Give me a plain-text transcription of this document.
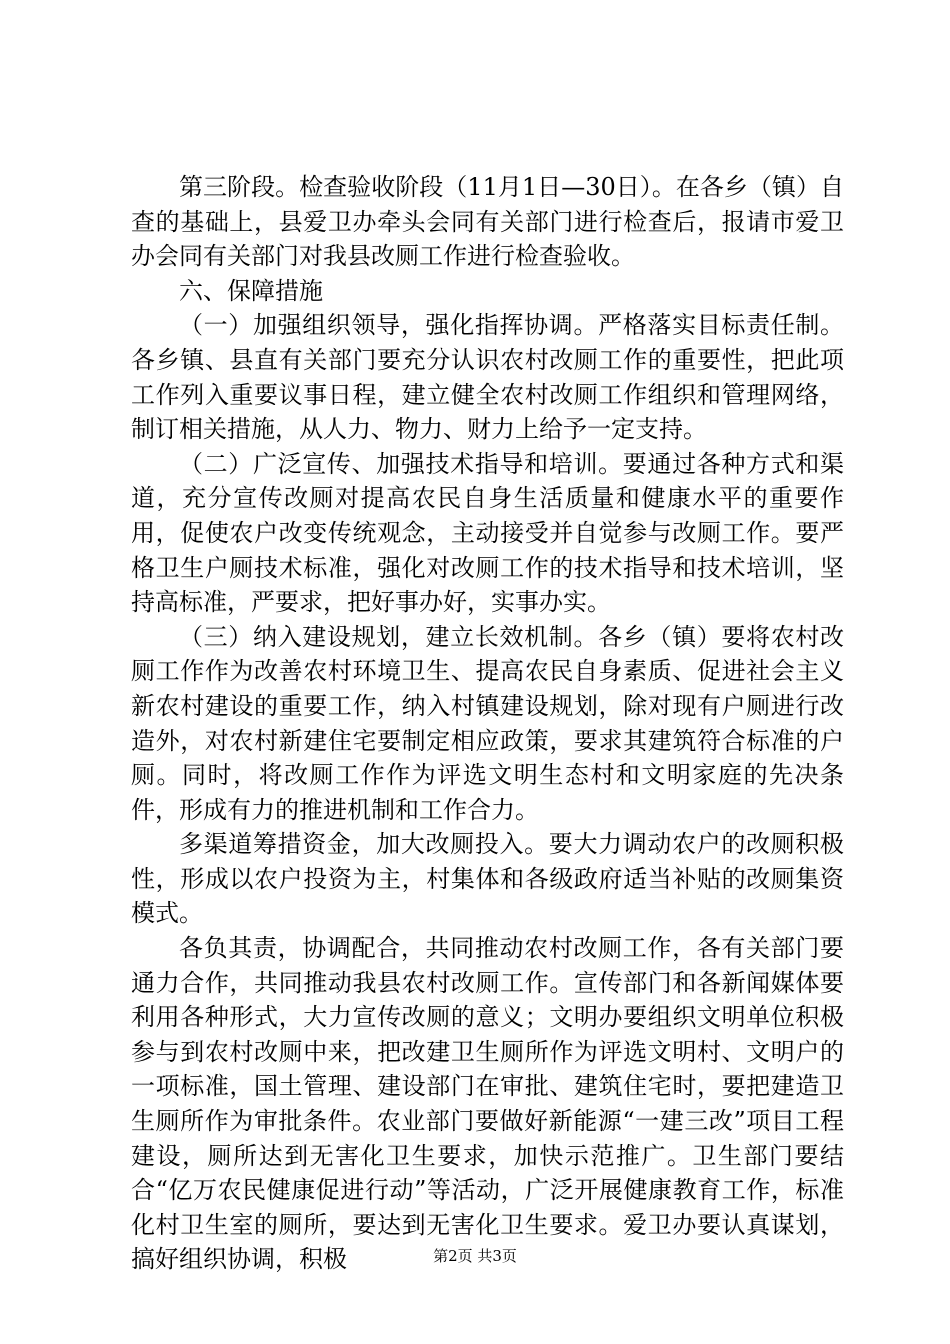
第三阶段。检查验收阶段（11月1日—30日）。在各乡（镇）自查的基础上，县爱卫办牵头会同有关部门进行检查后，报请市爱卫办会同有关部门对我县改厕工作进行检查验收。

六、保障措施

（一）加强组织领导，强化指挥协调。严格落实目标责任制。各乡镇、县直有关部门要充分认识农村改厕工作的重要性，把此项工作列入重要议事日程，建立健全农村改厕工作组织和管理网络，制订相关措施，从人力、物力、财力上给予一定支持。

（二）广泛宣传、加强技术指导和培训。要通过各种方式和渠道，充分宣传改厕对提高农民自身生活质量和健康水平的重要作用，促使农户改变传统观念，主动接受并自觉参与改厕工作。要严格卫生户厕技术标准，强化对改厕工作的技术指导和技术培训，坚持高标准，严要求，把好事办好，实事办实。

（三）纳入建设规划，建立长效机制。各乡（镇）要将农村改厕工作作为改善农村环境卫生、提高农民自身素质、促进社会主义新农村建设的重要工作，纳入村镇建设规划，除对现有户厕进行改造外，对农村新建住宅要制定相应政策，要求其建筑符合标准的户厕。同时，将改厕工作作为评选文明生态村和文明家庭的先决条件，形成有力的推进机制和工作合力。

多渠道筹措资金，加大改厕投入。要大力调动农户的改厕积极性，形成以农户投资为主，村集体和各级政府适当补贴的改厕集资模式。

各负其责，协调配合，共同推动农村改厕工作，各有关部门要通力合作，共同推动我县农村改厕工作。宣传部门和各新闻媒体要利用各种形式，大力宣传改厕的意义；文明办要组织文明单位积极参与到农村改厕中来，把改建卫生厕所作为评选文明村、文明户的一项标准，国土管理、建设部门在审批、建筑住宅时，要把建造卫生厕所作为审批条件。农业部门要做好新能源“一建三改”项目工程建设，厕所达到无害化卫生要求，加快示范推广。卫生部门要结合“亿万农民健康促进行动”等活动，广泛开展健康教育工作，标准化村卫生室的厕所，要达到无害化卫生要求。爱卫办要认真谋划，搞好组织协调，积极	第2页 共3页
